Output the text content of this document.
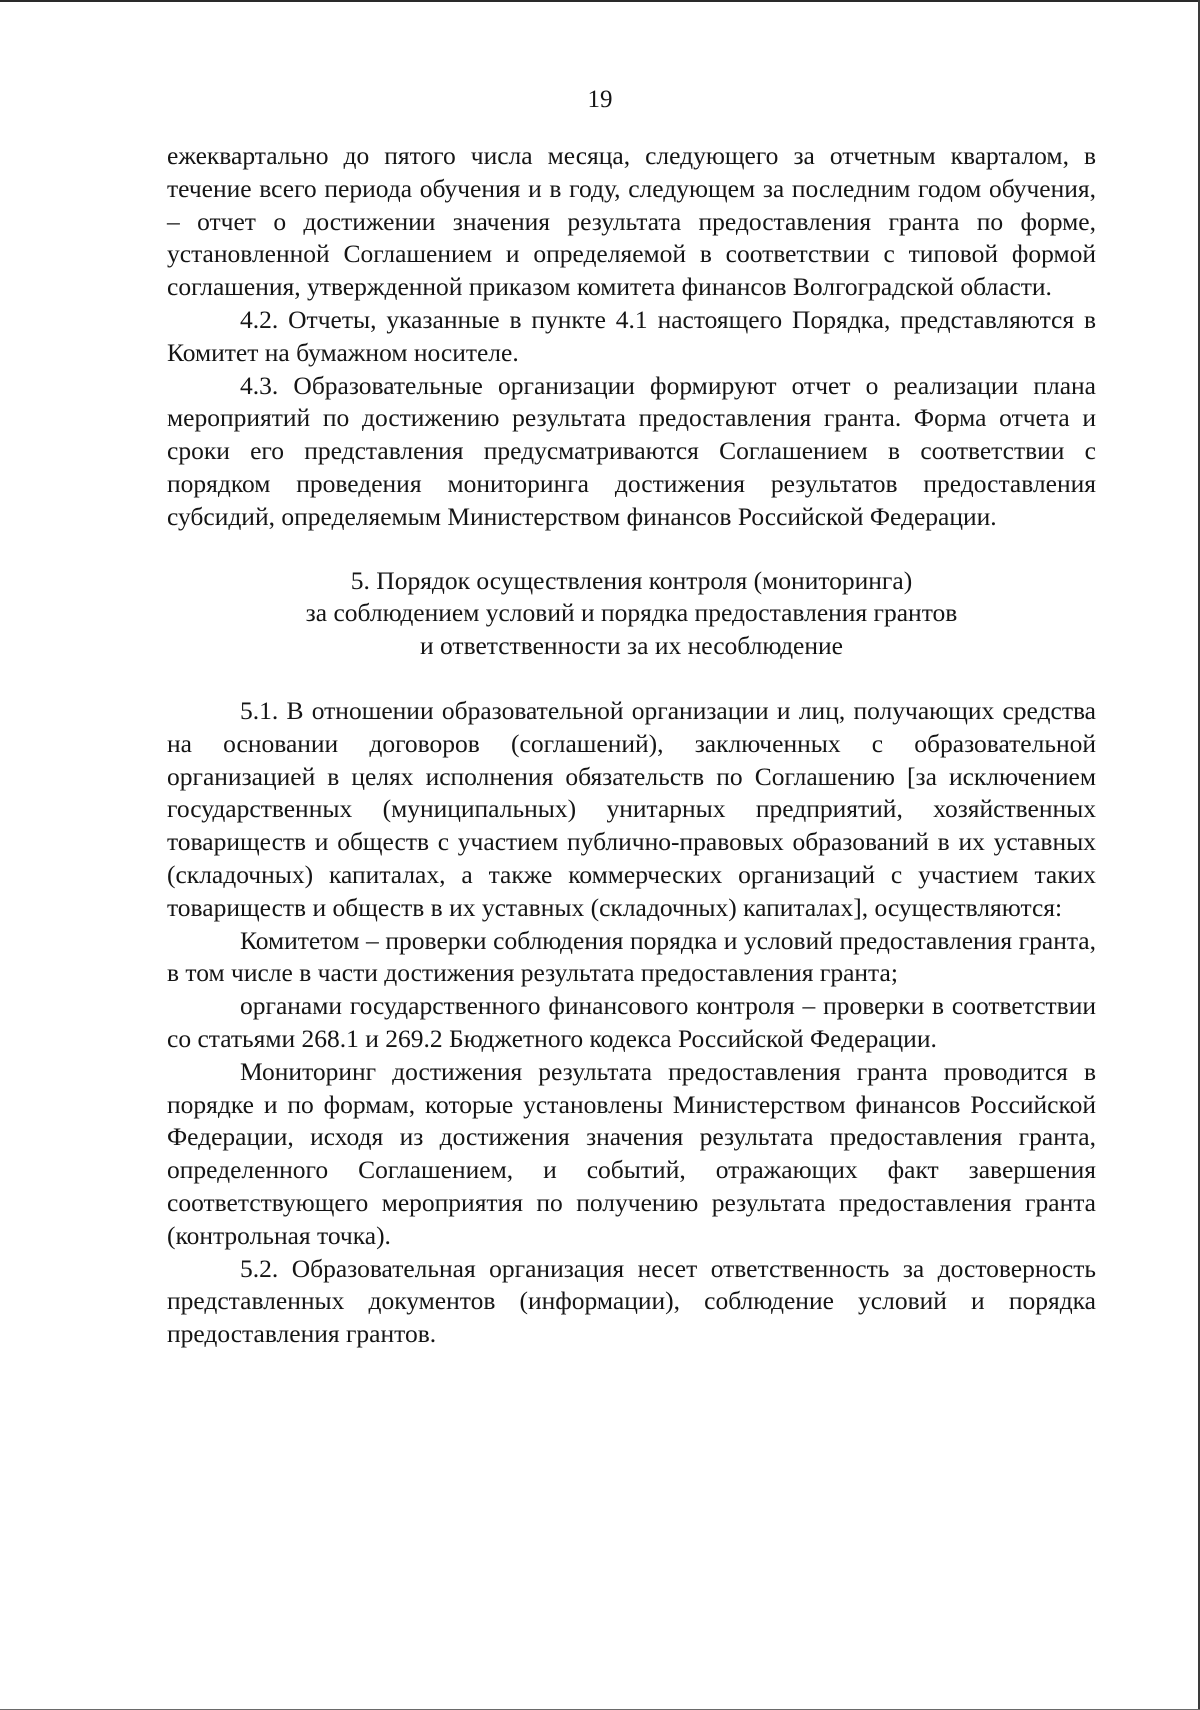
19

ежеквартально до пятого числа месяца, следующего за отчетным кварталом, в течение всего периода обучения и в году, следующем за последним годом обучения, – отчет о достижении значения результата предоставления гранта по форме, установленной Соглашением и определяемой в соответствии с типовой формой соглашения, утвержденной приказом комитета финансов Волгоградской области.

4.2. Отчеты, указанные в пункте 4.1 настоящего Порядка, представляются в Комитет на бумажном носителе.

4.3. Образовательные организации формируют отчет о реализации плана мероприятий по достижению результата предоставления гранта. Форма отчета и сроки его представления предусматриваются Соглашением в соответствии с порядком проведения мониторинга достижения результатов предоставления субсидий, определяемым Министерством финансов Российской Федерации.

5. Порядок осуществления контроля (мониторинга)
за соблюдением условий и порядка предоставления грантов
и ответственности за их несоблюдение

5.1. В отношении образовательной организации и лиц, получающих средства на основании договоров (соглашений), заключенных с образовательной организацией в целях исполнения обязательств по Соглашению [за исключением государственных (муниципальных) унитарных предприятий, хозяйственных товариществ и обществ с участием публично-правовых образований в их уставных (складочных) капиталах, а также коммерческих организаций с участием таких товариществ и обществ в их уставных (складочных) капиталах], осуществляются:

Комитетом – проверки соблюдения порядка и условий предоставления гранта, в том числе в части достижения результата предоставления гранта;

органами государственного финансового контроля – проверки в соответствии со статьями 268.1 и 269.2 Бюджетного кодекса Российской Федерации.

Мониторинг достижения результата предоставления гранта проводится в порядке и по формам, которые установлены Министерством финансов Российской Федерации, исходя из достижения значения результата предоставления гранта, определенного Соглашением, и событий, отражающих факт завершения соответствующего мероприятия по получению результата предоставления гранта (контрольная точка).

5.2. Образовательная организация несет ответственность за достоверность представленных документов (информации), соблюдение условий и порядка предоставления грантов.
